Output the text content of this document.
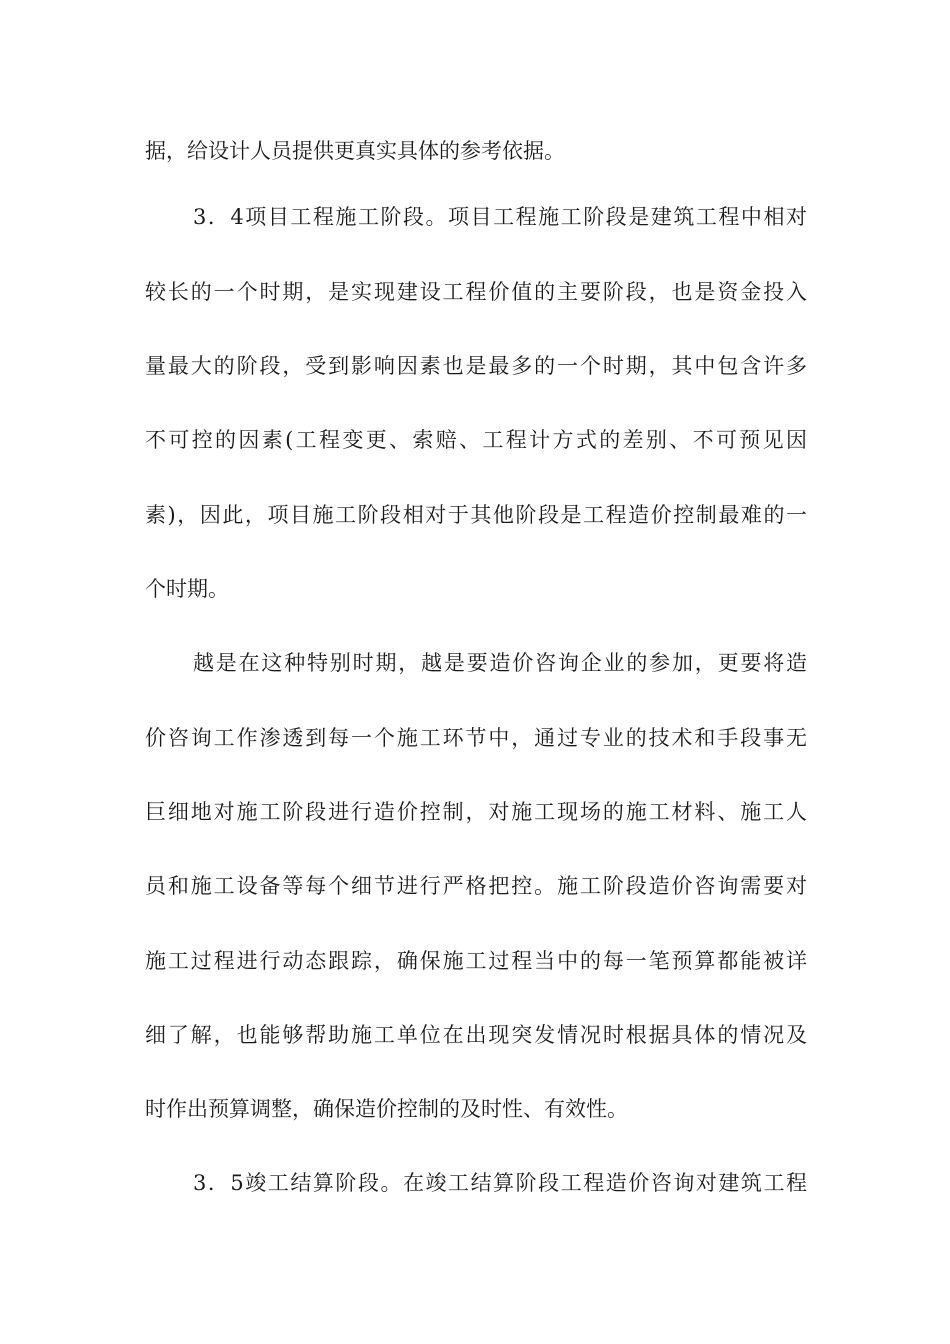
据，给设计人员提供更真实具体的参考依据。
3．4项目工程施工阶段。项目工程施工阶段是建筑工程中相对
较长的一个时期，是实现建设工程价值的主要阶段，也是资金投入
量最大的阶段，受到影响因素也是最多的一个时期，其中包含许多
不可控的因素(工程变更、索赔、工程计方式的差别、不可预见因
素)，因此，项目施工阶段相对于其他阶段是工程造价控制最难的一
个时期。
越是在这种特别时期，越是要造价咨询企业的参加，更要将造
价咨询工作渗透到每一个施工环节中，通过专业的技术和手段事无
巨细地对施工阶段进行造价控制，对施工现场的施工材料、施工人
员和施工设备等每个细节进行严格把控。施工阶段造价咨询需要对
施工过程进行动态跟踪，确保施工过程当中的每一笔预算都能被详
细了解，也能够帮助施工单位在出现突发情况时根据具体的情况及
时作出预算调整，确保造价控制的及时性、有效性。
3．5竣工结算阶段。在竣工结算阶段工程造价咨询对建筑工程
